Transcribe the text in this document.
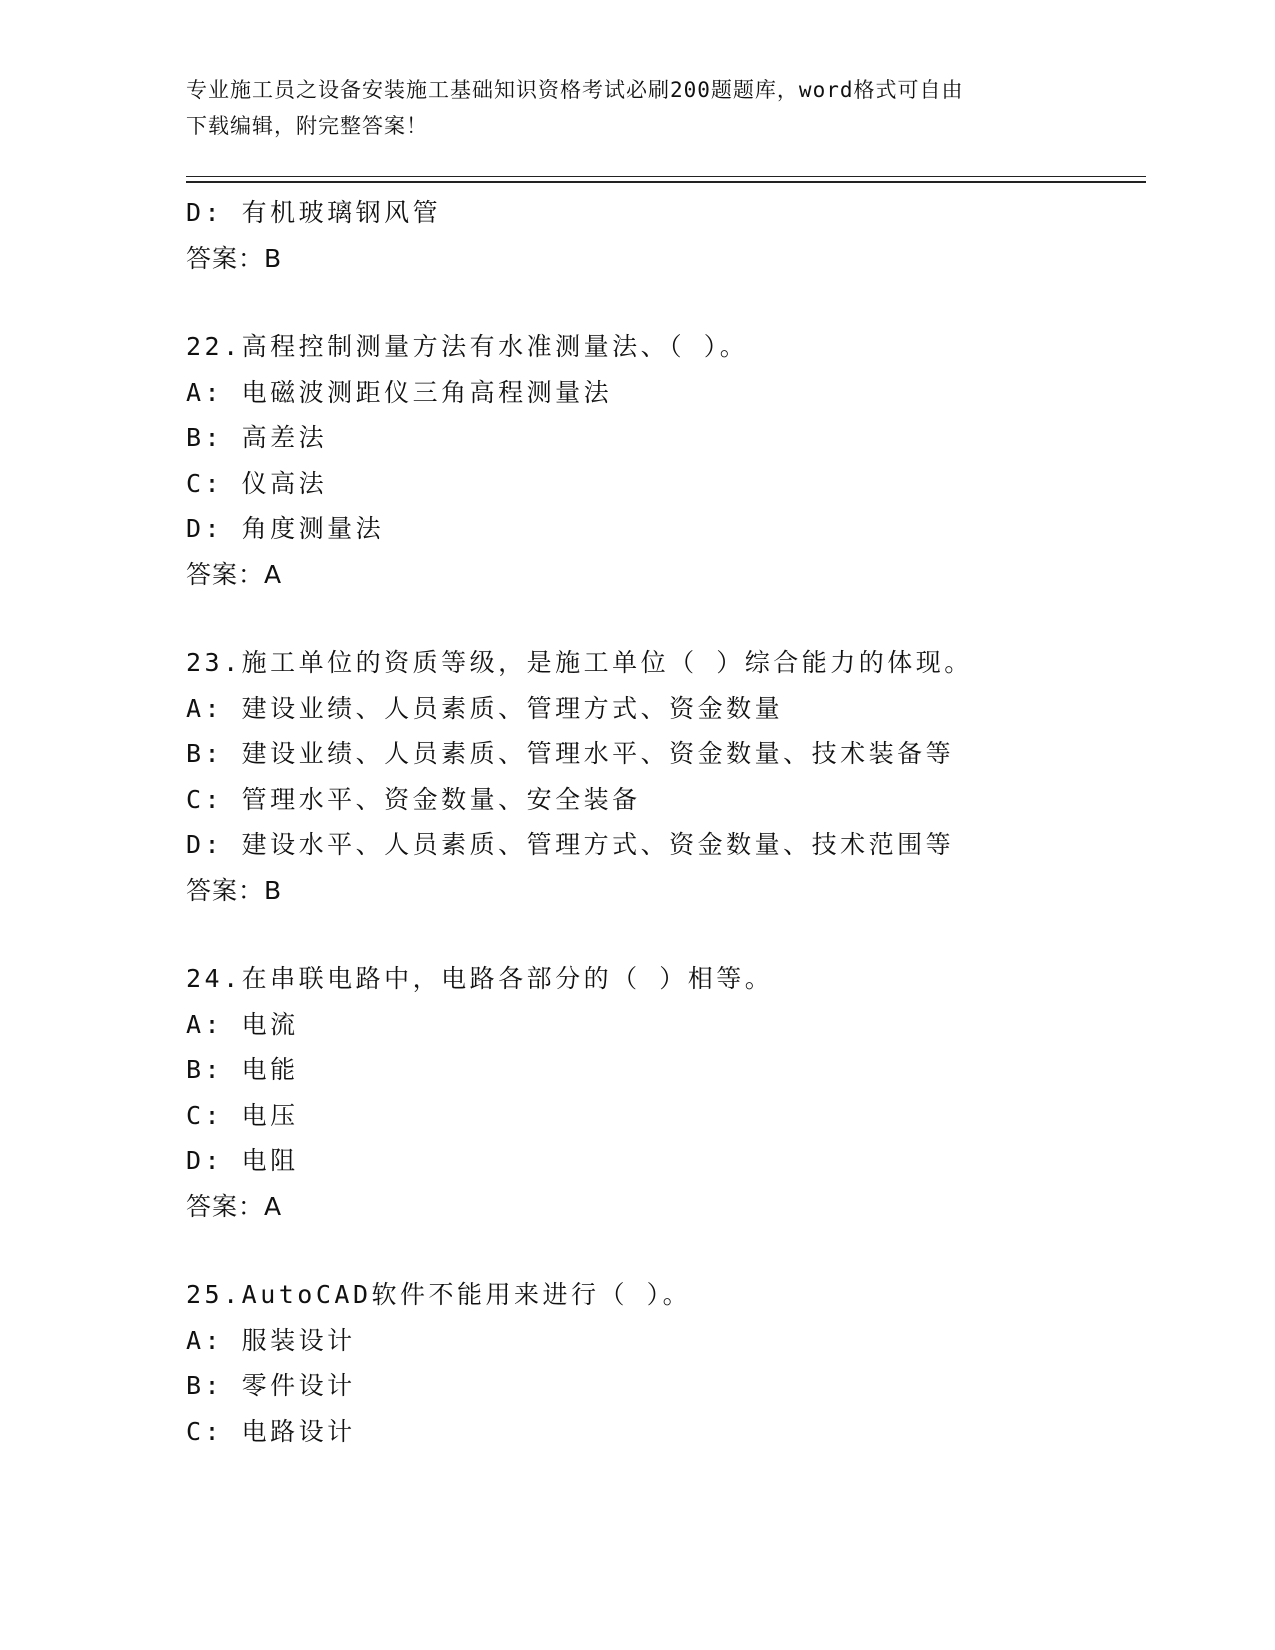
专业施工员之设备安装施工基础知识资格考试必刷200题题库，word格式可自由
下载编辑，附完整答案！
D: 有机玻璃钢风管
答案：B
22.高程控制测量方法有水准测量法、（ ）。
A: 电磁波测距仪三角高程测量法
B: 高差法
C: 仪高法
D: 角度测量法
答案：A
23.施工单位的资质等级，是施工单位（ ）综合能力的体现。
A: 建设业绩、人员素质、管理方式、资金数量
B: 建设业绩、人员素质、管理水平、资金数量、技术装备等
C: 管理水平、资金数量、安全装备
D: 建设水平、人员素质、管理方式、资金数量、技术范围等
答案：B
24.在串联电路中，电路各部分的（ ）相等。
A: 电流
B: 电能
C: 电压
D: 电阻
答案：A
25.AutoCAD软件不能用来进行（ ）。
A: 服装设计
B: 零件设计
C: 电路设计
